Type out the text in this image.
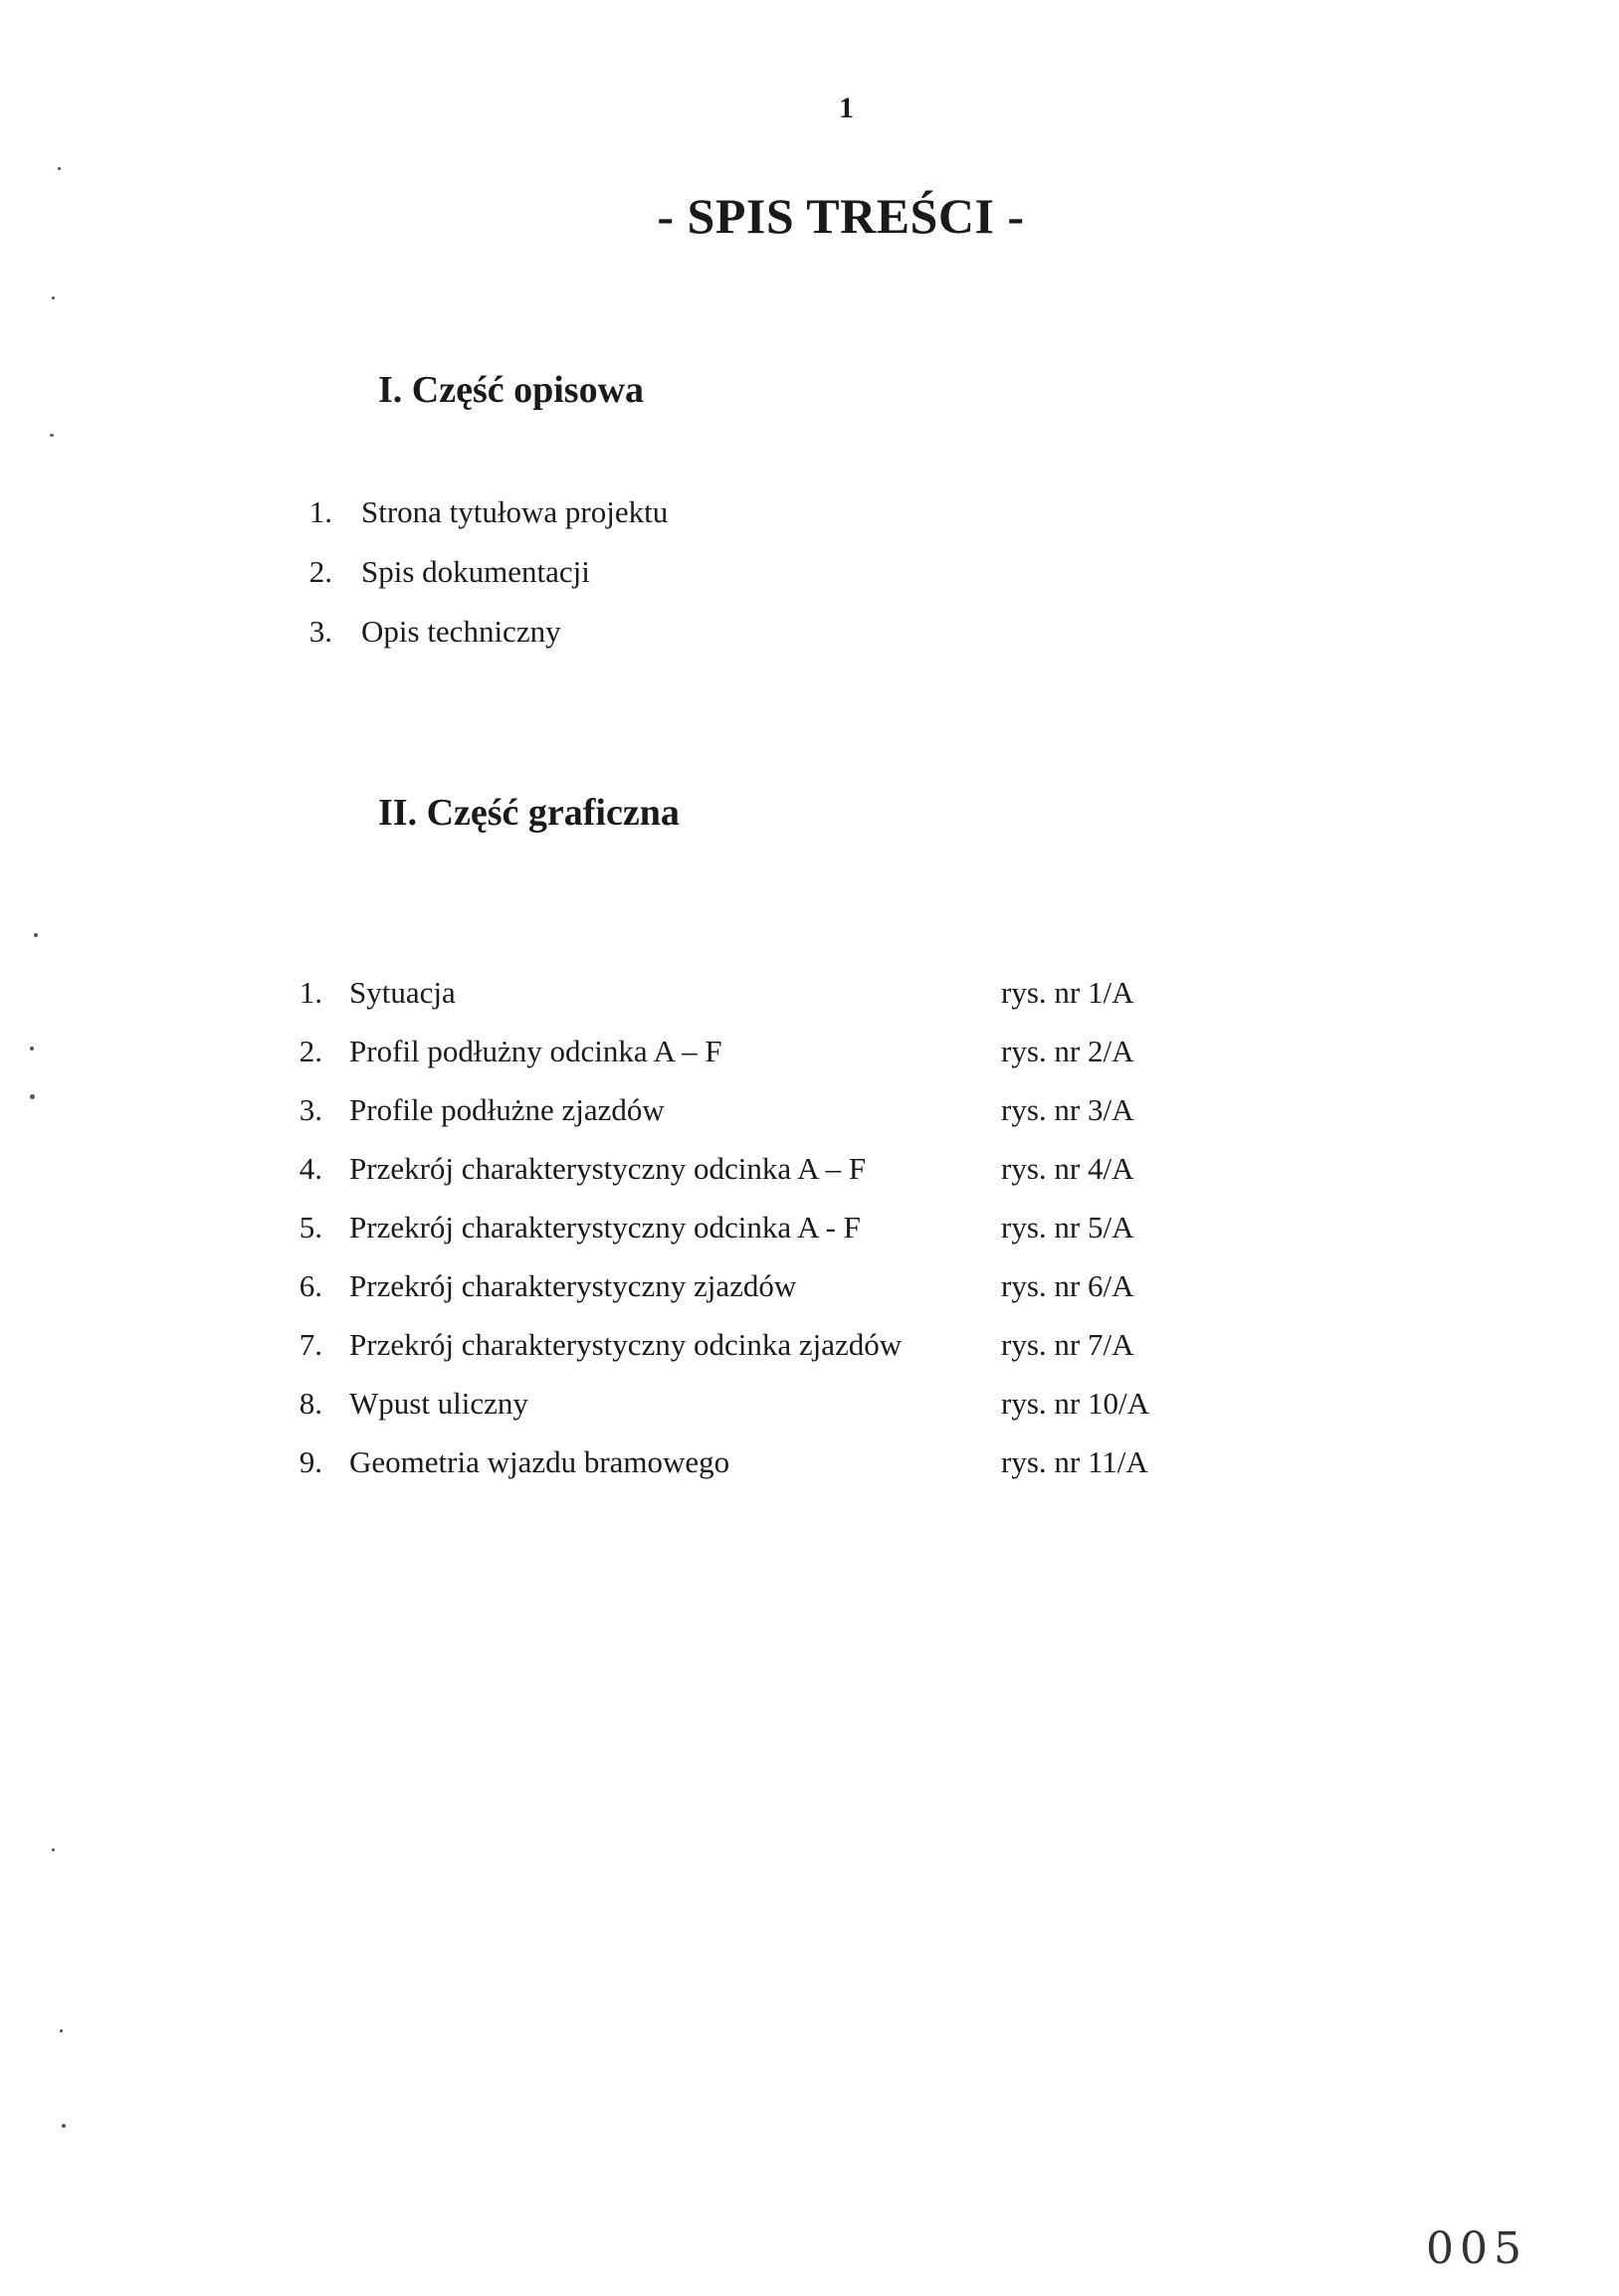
1
- SPIS TREŚCI -
I. Część opisowa
1. Strona tytułowa projektu
2. Spis dokumentacji
3. Opis techniczny
II. Część graficzna
1. Sytuacja	rys. nr 1/A
2. Profil podłużny odcinka A – F	rys. nr 2/A
3. Profile podłużne zjazdów	rys. nr 3/A
4. Przekrój charakterystyczny odcinka A – F	rys. nr 4/A
5. Przekrój charakterystyczny odcinka A - F	rys. nr 5/A
6. Przekrój charakterystyczny zjazdów	rys. nr 6/A
7. Przekrój charakterystyczny odcinka zjazdów	rys. nr 7/A
8. Wpust uliczny	rys. nr 10/A
9. Geometria wjazdu bramowego	rys. nr 11/A
005
